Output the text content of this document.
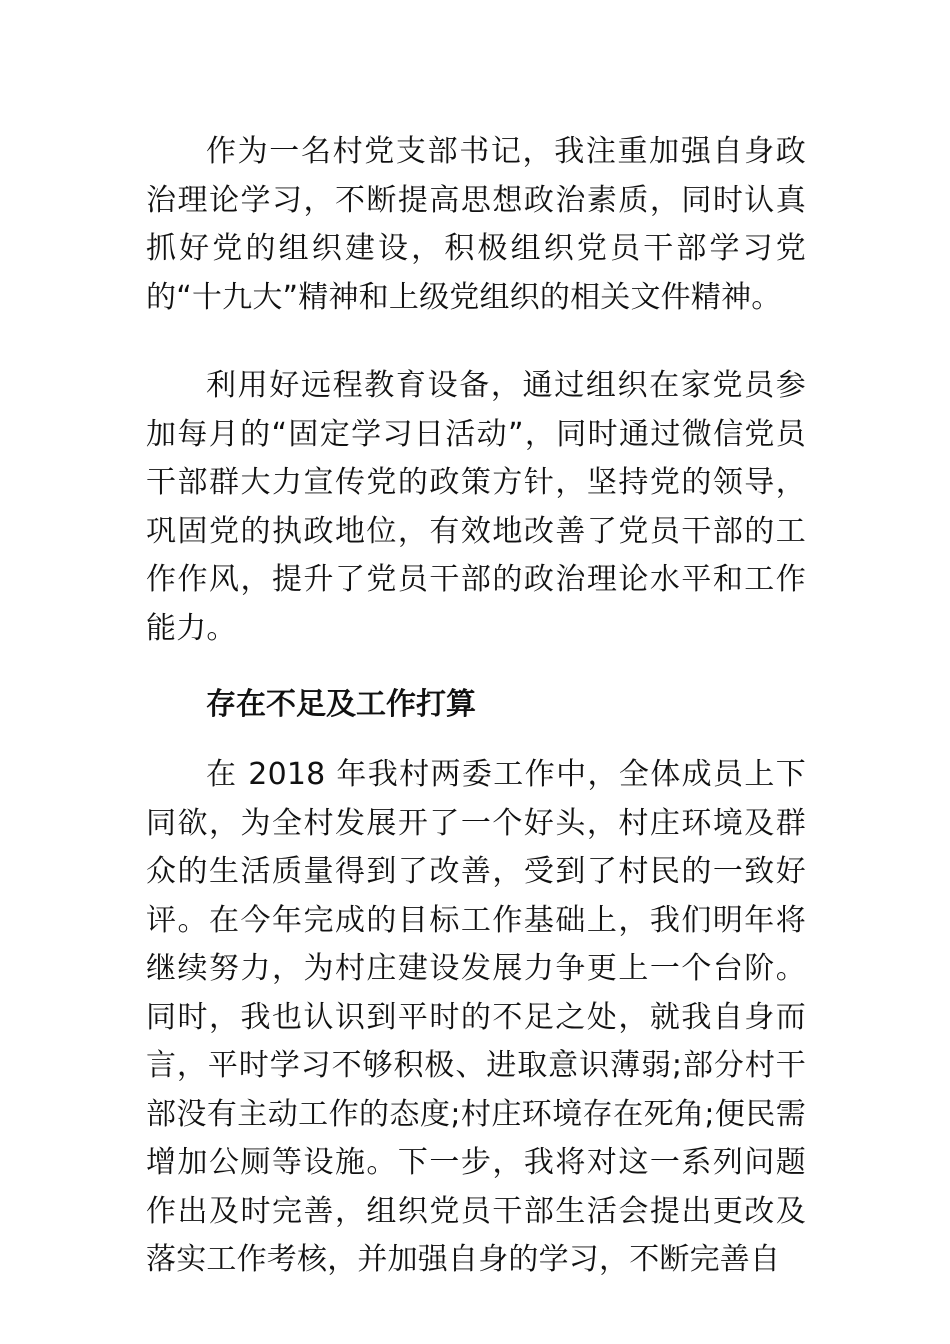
作为一名村党支部书记，我注重加强自身政治理论学习，不断提高思想政治素质，同时认真抓好党的组织建设，积极组织党员干部学习党的“十九大”精神和上级党组织的相关文件精神。

利用好远程教育设备，通过组织在家党员参加每月的“固定学习日活动”，同时通过微信党员干部群大力宣传党的政策方针，坚持党的领导，巩固党的执政地位，有效地改善了党员干部的工作作风，提升了党员干部的政治理论水平和工作能力。

存在不足及工作打算

在 2018 年我村两委工作中，全体成员上下同欲，为全村发展开了一个好头，村庄环境及群众的生活质量得到了改善，受到了村民的一致好评。在今年完成的目标工作基础上，我们明年将继续努力，为村庄建设发展力争更上一个台阶。同时，我也认识到平时的不足之处，就我自身而言，平时学习不够积极、进取意识薄弱;部分村干部没有主动工作的态度;村庄环境存在死角;便民需增加公厕等设施。下一步，我将对这一系列问题作出及时完善，组织党员干部生活会提出更改及落实工作考核，并加强自身的学习，不断完善自
